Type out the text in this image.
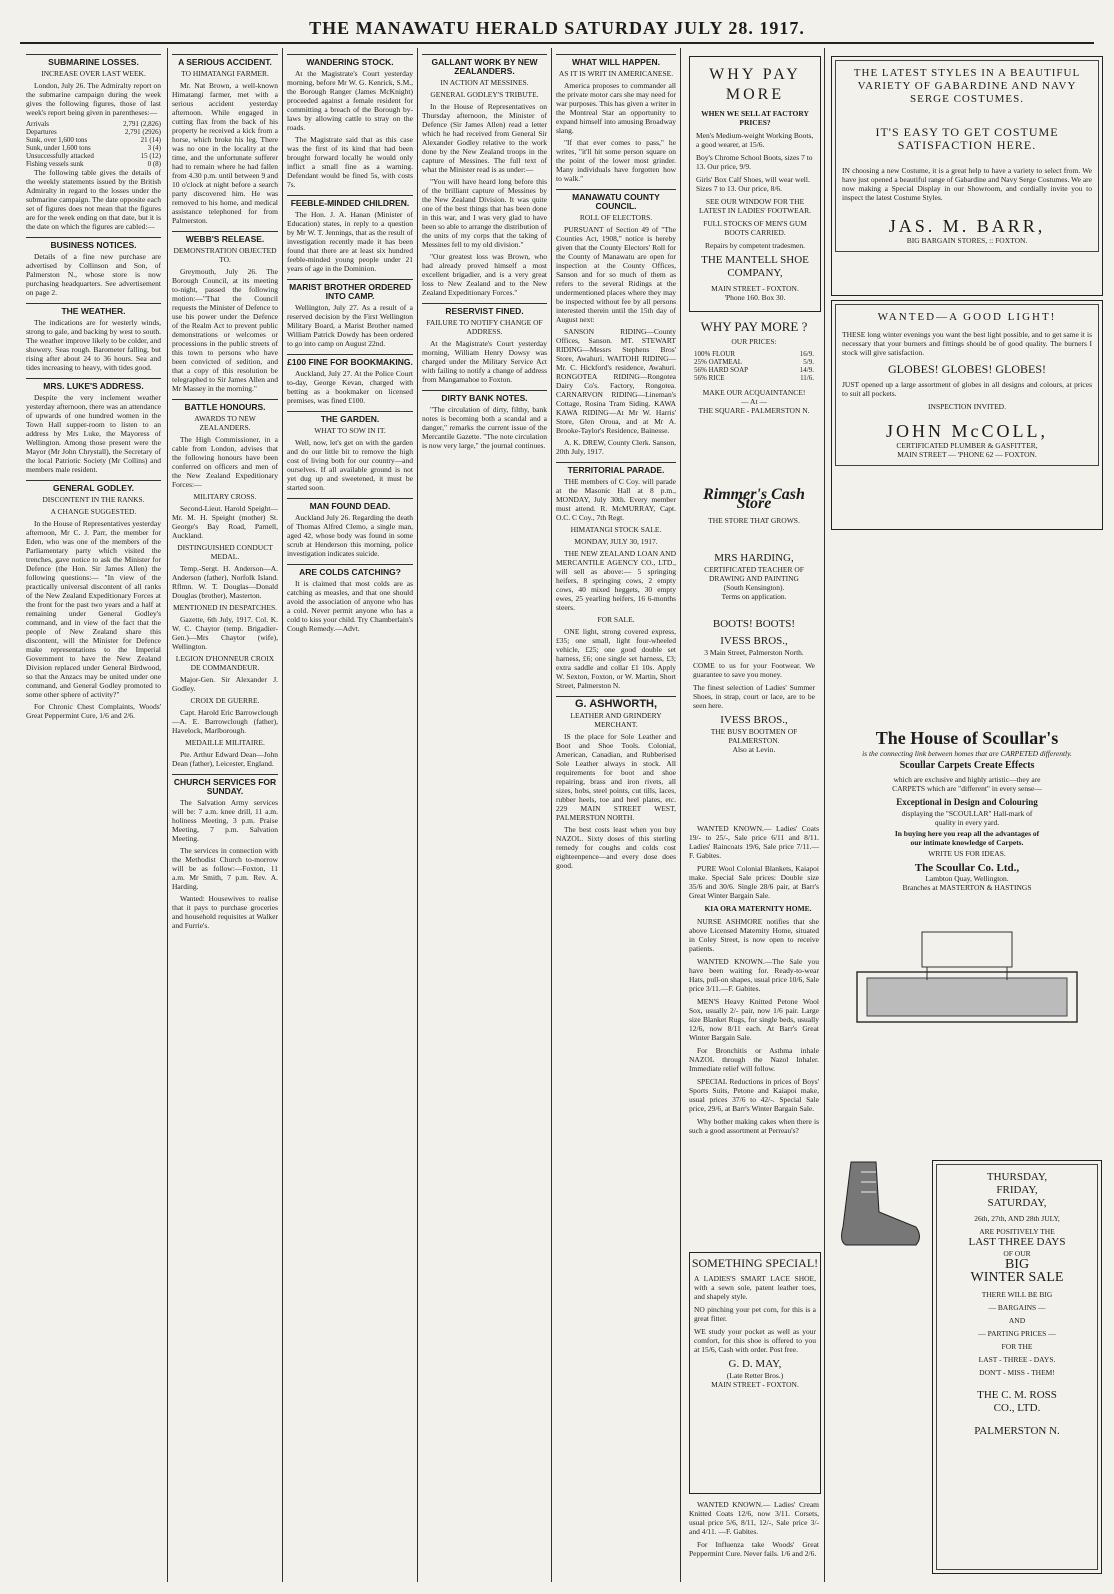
THE MANAWATU HERALD SATURDAY JULY 28. 1917.
SUBMARINE LOSSES.
INCREASE OVER LAST WEEK.

London, July 26. The Admiralty report on the submarine campaign during the week gives the following figures, those of last week's report being given in parentheses:—

Arrivals	2,791 (2,826)
Departures	2,791 (2926)
Sunk, over 1,600 tons	21 (14)
Sunk, under 1,600 tons	3 (4)
Unsuccessfully attacked	15 (12)
Fishing vessels sunk	0 (8)

The following table gives the details of the weekly statements issued by the British Admiralty in regard to the losses under the submarine campaign. The date opposite each set of figures does not mean that the figures are for the week ending on that date, but it is the date on which the figures are cabled:—

BUSINESS NOTICES.

Details of a fine new purchase are advertised by Collinson and Son, of Palmerston N., whose store is now purchasing headquarters. See advertisement on page 2.

THE WEATHER.

The indications are for westerly winds, strong to gale, and backing by west to south. The weather improve likely to be colder, and showery. Seas rough. Barometer falling, but rising after about 24 to 36 hours. Sea and tides increasing to heavy, with tides good.

MRS. LUKE'S ADDRESS.

Despite the very inclement weather yesterday afternoon, there was an attendance of upwards of one hundred women in the Town Hall supper-room to listen to an address by Mrs Luke, the Mayoress of Wellington. Among those present were the Mayor (Mr John Chrystall), the Secretary of the local Patriotic Society (Mr Collins) and members male resident.

GENERAL GODLEY.
DISCONTENT IN THE RANKS.
A CHANGE SUGGESTED.

In the House of Representatives yesterday afternoon, Mr C. J. Parr, the member for Eden, who was one of the members of the Parliamentary party which visited the trenches, gave notice to ask the Minister for Defence (the Hon. Sir James Allen) the following questions:— "In view of the practically universal discontent of all ranks of the New Zealand Expeditionary Forces at the front for the past two years and a half at remaining under General Godley's command, and in view of the fact that the people of New Zealand share this discontent, will the Minister for Defence make representations to the Imperial Government to have the New Zealand Division replaced under General Birdwood, so that the Anzacs may be united under one command, and General Godley promoted to some other sphere of activity?"

For Chronic Chest Complaints, Woods' Great Peppermint Cure, 1/6 and 2/6.

A SERIOUS ACCIDENT.
TO HIMATANGI FARMER.

Mr. Nat Brown, a well-known Himatangi farmer, met with a serious accident yesterday afternoon. While engaged in cutting flax from the back of his property he received a kick from a horse, which broke his leg. There was no one in the locality at the time, and the unfortunate sufferer had to remain where he had fallen from 4.30 p.m. until between 9 and 10 o'clock at night before a search party discovered him. He was removed to his home, and medical assistance telephoned for from Palmerston.

WEBB'S RELEASE.
DEMONSTRATION OBJECTED TO.

Greymouth, July 26. The Borough Council, at its meeting to-night, passed the following motion:—"That the Council requests the Minister of Defence to use his power under the Defence of the Realm Act to prevent public demonstrations or welcomes or processions in the public streets of this town to persons who have been convicted of sedition, and that a copy of this resolution be telegraphed to Sir James Allen and Mr Massey in the morning."

BATTLE HONOURS.
AWARDS TO NEW ZEALANDERS.

The High Commissioner, in a cable from London, advises that the following honours have been conferred on officers and men of the New Zealand Expeditionary Forces:—

MILITARY CROSS.

Second-Lieut. Harold Speight—Mr. M. H. Speight (mother) St. George's Bay Road, Parnell, Auckland.

DISTINGUISHED CONDUCT MEDAL.

Temp.-Sergt. H. Anderson—A. Anderson (father), Norfolk Island. Rflmn. W. T. Douglas—Donald Douglas (brother), Masterton.

MENTIONED IN DESPATCHES.

Gazette, 6th July, 1917. Col. K. W. C. Chaytor (temp. Brigadier-Gen.)—Mrs Chaytor (wife), Wellington.

LEGION D'HONNEUR CROIX DE COMMANDEUR.

Major-Gen. Sir Alexander J. Godley.

CROIX DE GUERRE.

Capt. Harold Eric Barrowclough —A. E. Barrowclough (father), Havelock, Marlborough.

MEDAILLE MILITAIRE.

Pte. Arthur Edward Dean—John Dean (father), Leicester, England.

CHURCH SERVICES FOR SUNDAY.

The Salvation Army services will be: 7 a.m. knee drill, 11 a.m. holiness Meeting, 3 p.m. Praise Meeting, 7 p.m. Salvation Meeting.

The services in connection with the Methodist Church to-morrow will be as follow:—Foxton, 11 a.m. Mr Smith, 7 p.m. Rev. A. Harding.

Wanted: Housewives to realise that it pays to purchase groceries and household requisites at Walker and Furrie's.

WANDERING STOCK.

At the Magistrate's Court yesterday morning, before Mr W. G. Kenrick, S.M., the Borough Ranger (James McKnight) proceeded against a female resident for committing a breach of the Borough by-laws by allowing cattle to stray on the roads.

The Magistrate said that as this case was the first of its kind that had been brought forward locally he would only inflict a small fine as a warning. Defendant would be fined 5s, with costs 7s.

FEEBLE-MINDED CHILDREN.

The Hon. J. A. Hanan (Minister of Education) states, in reply to a question by Mr W. T. Jennings, that as the result of investigation recently made it has been found that there are at least six hundred feeble-minded young people under 21 years of age in the Dominion.

MARIST BROTHER ORDERED INTO CAMP.

Wellington, July 27. As a result of a reserved decision by the First Wellington Military Board, a Marist Brother named William Patrick Dowdy has been ordered to go into camp on August 22nd.

£100 FINE FOR BOOKMAKING.

Auckland, July 27. At the Police Court to-day, George Kevan, charged with betting as a bookmaker on licensed premises, was fined £100.

THE GARDEN.
WHAT TO SOW IN IT.

Well, now, let's get on with the garden and do our little bit to remove the high cost of living both for our country—and ourselves. If all available ground is not yet dug up and sweetened, it must be started soon.

MAN FOUND DEAD.

Auckland July 26. Regarding the death of Thomas Alfred Clemo, a single man, aged 42, whose body was found in some scrub at Henderson this morning, police investigation indicates suicide.

ARE COLDS CATCHING?

It is claimed that most colds are as catching as measles, and that one should avoid the association of anyone who has a cold. Never permit anyone who has a cold to kiss your child. Try Chamberlain's Cough Remedy.—Advt.

GALLANT WORK BY NEW ZEALANDERS.
IN ACTION AT MESSINES.
GENERAL GODLEY'S TRIBUTE.

In the House of Representatives on Thursday afternoon, the Minister of Defence (Sir James Allen) read a letter which he had received from General Sir Alexander Godley relative to the work done by the New Zealand troops in the capture of Messines. The full text of what the Minister read is as under:—

"You will have heard long before this of the brilliant capture of Messines by the New Zealand Division. It was quite one of the best things that has been done in this war, and I was very glad to have been so able to arrange the distribution of the units of my corps that the taking of Messines fell to my old division."

"Our greatest loss was Brown, who had already proved himself a most excellent brigadier, and is a very great loss to New Zealand and to the New Zealand Expeditionary Forces."

RESERVIST FINED.
FAILURE TO NOTIFY CHANGE OF ADDRESS.

At the Magistrate's Court yesterday morning, William Henry Dowsy was charged under the Military Service Act with failing to notify a change of address from Mangamahoe to Foxton.

DIRTY BANK NOTES.

"The circulation of dirty, filthy, bank notes is becoming both a scandal and a danger," remarks the current issue of the Mercantile Gazette. "The note circulation is now very large," the journal continues.

WHAT WILL HAPPEN.
AS IT IS WRIT IN AMERICANESE.

America proposes to commander all the private motor cars she may need for war purposes. This has given a writer in the Montreal Star an opportunity to expand himself into amusing Broadway slang.

"If that ever comes to pass," he writes, "it'll hit some person square on the point of the lower most grinder. Many individuals have forgotten how to walk."

MANAWATU COUNTY COUNCIL.
ROLL OF ELECTORS.

PURSUANT of Section 49 of "The Counties Act, 1908," notice is hereby given that the County Electors' Roll for the County of Manawatu are open for inspection at the County Offices, Sanson and for so much of them as refers to the several Ridings at the undermentioned places where they may be inspected without fee by all persons interested therein until the 15th day of August next:

SANSON RIDING—County Offices, Sanson. MT. STEWART RIDING—Messrs Stephens Bros' Store, Awahuri. WAITOHI RIDING—Mr. C. Hickford's residence, Awahuri. RONGOTEA RIDING—Rongotea Dairy Co's. Factory, Rongotea. CARNARVON RIDING—Lineman's Cottage, Rosina Tram Siding. KAWA KAWA RIDING—At Mr W. Harris' Store, Glen Oroua, and at Mr A. Brooke-Taylor's Residence, Bainesse.

A. K. DREW, County Clerk. Sanson, 20th July, 1917.

TERRITORIAL PARADE.

THE members of C Coy. will parade at the Masonic Hall at 8 p.m., MONDAY, July 30th. Every member must attend. R. McMURRAY, Capt. O.C. C Coy., 7th Regt.

HIMATANGI STOCK SALE.
MONDAY, JULY 30, 1917.

THE NEW ZEALAND LOAN AND MERCANTILE AGENCY CO., LTD., will sell as above:— 5 springing heifers, 8 springing cows, 2 empty cows, 40 mixed heggets, 30 empty ewes, 25 yearling heifers, 16 6-months steers.

FOR SALE.

ONE light, strong covered express, £35; one small, light four-wheeled vehicle, £25; one good double set harness, £6; one single set harness, £3; extra saddle and collar £1 10s. Apply W. Sexton, Foxton, or W. Martin, Short Street, Palmerston N.

G. ASHWORTH,
LEATHER AND GRINDERY MERCHANT.

IS the place for Sole Leather and Boot and Shoe Tools. Colonial, American, Canadian, and Rubberised Sole Leather always in stock. All requirements for boot and shoe repairing, brass and iron rivets, all sizes, hobs, steel points, cut tills, laces, rubber heels, toe and heel plates, etc. 229 MAIN STREET WEST, PALMERSTON NORTH.

The best costs least when you buy NAZOL. Sixty doses of this sterling remedy for coughs and colds cost eighteenpence—and every dose does good.

WHY PAY MORE
WHEN WE SELL AT FACTORY PRICES?
Men's Medium-weight Working Boots, a good wearer, at 15/6.
Boy's Chrome School Boots, sizes 7 to 13. Our price, 9/9.
Girls' Box Calf Shoes, will wear well. Sizes 7 to 13. Our price, 8/6.
SEE OUR WINDOW FOR THE LATEST IN LADIES' FOOTWEAR.
FULL STOCKS OF MEN'S GUM BOOTS CARRIED.
Repairs by competent tradesmen.
THE MANTELL SHOE COMPANY,
MAIN STREET - FOXTON.
'Phone 160. Box 30.
WHY PAY MORE ?
OUR PRICES:
100% FLOUR	16/9.
25% OATMEAL	5/9.
56% HARD SOAP	14/9.
56% RICE	11/6.
MAKE OUR ACQUAINTANCE!
— At —
THE SQUARE - PALMERSTON N.
Rimmer's Cash Store
THE STORE THAT GROWS.
MRS HARDING,
CERTIFICATED TEACHER OF DRAWING AND PAINTING
(South Kensington).
Terms on application.
BOOTS! BOOTS!
IVESS BROS.,
3 Main Street, Palmerston North.
COME to us for your Footwear. We guarantee to save you money.
The finest selection of Ladies' Summer Shoes, in strap, court or lace, are to be seen here.
IVESS BROS.,
THE BUSY BOOTMEN OF PALMERSTON.
Also at Levin.

WANTED KNOWN.— Ladies' Coats 19/- to 25/-, Sale price 6/11 and 8/11. Ladies' Raincoats 19/6, Sale price 7/11.—F. Gabites.

PURE Wool Colonial Blankets, Kaiapoi make. Special Sale prices: Double size 35/6 and 30/6. Single 28/6 pair, at Barr's Great Winter Bargain Sale.

KIA ORA MATERNITY HOME.

NURSE ASHMORE notifies that she above Licensed Maternity Home, situated in Coley Street, is now open to receive patients.

WANTED KNOWN.—The Sale you have been waiting for. Ready-to-wear Hats, pull-on shapes, usual price 10/6, Sale price 3/11.—F. Gabites.

MEN'S Heavy Knitted Petone Wool Sox, usually 2/- pair, now 1/6 pair. Large size Blanket Rugs, for single beds, usually 12/6, now 8/11 each. At Barr's Great Winter Bargain Sale.

For Bronchitis or Asthma inhale NAZOL through the Nazol Inhaler. Immediate relief will follow.

SPECIAL Reductions in prices of Boys' Sports Suits, Petone and Kaiapoi make, usual prices 37/6 to 42/-. Special Sale price, 29/6, at Barr's Winter Bargain Sale.

Why bother making cakes when there is such a good assortment at Perreau's?

SOMETHING SPECIAL!
A LADIES'S SMART LACE SHOE, with a sewn sole, patent leather toes, and shapely style.
NO pinching your pet corn, for this is a great fitter.
WE study your pocket as well as your comfort, for this shoe is offered to you at 15/6, Cash with order. Post free.
G. D. MAY,
(Late Retter Bros.)
MAIN STREET - FOXTON.

WANTED KNOWN.— Ladies' Cream Knitted Coats 12/6, now 3/11. Corsets, usual price 5/6, 8/11, 12/-, Sale price 3/- and 4/11. —F. Gabites.

For Influenza take Woods' Great Peppermint Cure. Never fails. 1/6 and 2/6.

THE LATEST STYLES IN A BEAUTIFUL VARIETY OF GABARDINE AND NAVY SERGE COSTUMES.
IT'S EASY TO GET COSTUME SATISFACTION HERE.
IN choosing a new Costume, it is a great help to have a variety to select from. We have just opened a beautiful range of Gabardine and Navy Serge Costumes. We are now making a Special Display in our Showroom, and cordially invite you to inspect the latest Costume Styles.
JAS. M. BARR,
BIG BARGAIN STORES, :: FOXTON.
WANTED—A GOOD LIGHT!
THESE long winter evenings you want the best light possible, and to get same it is necessary that your burners and fittings should be of good quality. The burners I stock will give satisfaction.
GLOBES! GLOBES! GLOBES!
JUST opened up a large assortment of globes in all designs and colours, at prices to suit all pockets.
INSPECTION INVITED.
JOHN McCOLL,
CERTIFICATED PLUMBER & GASFITTER,
MAIN STREET — 'PHONE 62 — FOXTON.
The House of Scoullar's
is the connecting link between homes that are CARPETED differently.
Scoullar Carpets Create Effects
which are exclusive and highly artistic—they are CARPETS which are "different" in every sense—
Exceptional in Design and Colouring
displaying the "SCOULLAR" Hall-mark of quality in every yard.
In buying here you reap all the advantages of our intimate knowledge of Carpets.
WRITE US FOR IDEAS.
The Scoullar Co. Ltd.,
Lambton Quay, Wellington.
Branches at MASTERTON & HASTINGS
THURSDAY,
FRIDAY,
SATURDAY,
26th, 27th, AND 28th JULY,
ARE POSITIVELY THE
LAST THREE DAYS
OF OUR
BIG
WINTER SALE
THERE WILL BE BIG
— BARGAINS —
AND
— PARTING PRICES —
FOR THE
LAST - THREE - DAYS.
DON'T - MISS - THEM!
THE C. M. ROSS
CO., LTD.
PALMERSTON N.
